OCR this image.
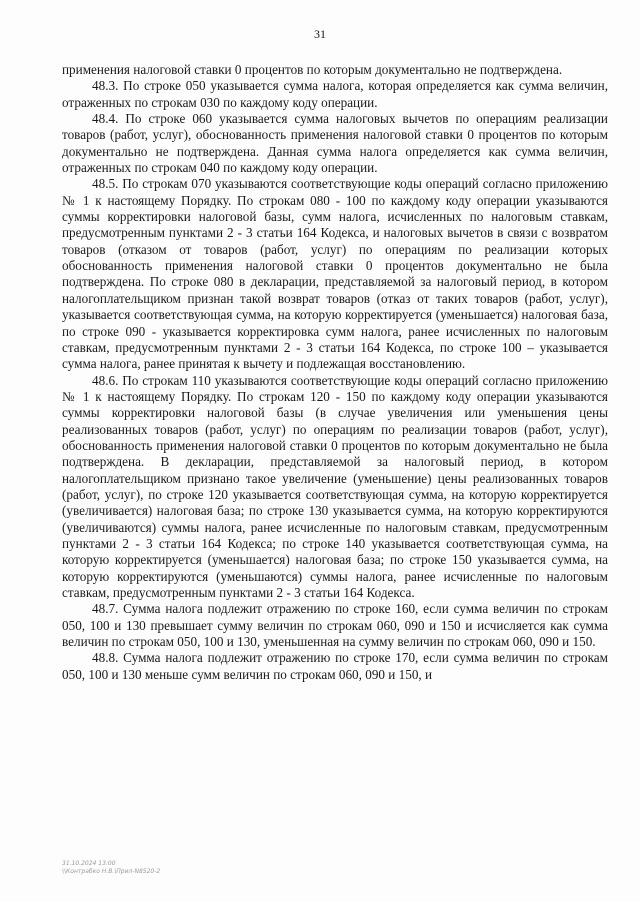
31

применения налоговой ставки 0 процентов по которым документально не подтверждена.

48.3. По строке 050 указывается сумма налога, которая определяется как сумма величин, отраженных по строкам 030 по каждому коду операции.

48.4. По строке 060 указывается сумма налоговых вычетов по операциям реализации товаров (работ, услуг), обоснованность применения налоговой ставки 0 процентов по которым документально не подтверждена. Данная сумма налога определяется как сумма величин, отраженных по строкам 040 по каждому коду операции.

48.5. По строкам 070 указываются соответствующие коды операций согласно приложению № 1 к настоящему Порядку. По строкам 080 - 100 по каждому коду операции указываются суммы корректировки налоговой базы, сумм налога, исчисленных по налоговым ставкам, предусмотренным пунктами 2 - 3 статьи 164 Кодекса, и налоговых вычетов в связи с возвратом товаров (отказом от товаров (работ, услуг) по операциям по реализации которых обоснованность применения налоговой ставки 0 процентов документально не была подтверждена. По строке 080 в декларации, представляемой за налоговый период, в котором налогоплательщиком признан такой возврат товаров (отказ от таких товаров (работ, услуг), указывается соответствующая сумма, на которую корректируется (уменьшается) налоговая база, по строке 090 - указывается корректировка сумм налога, ранее исчисленных по налоговым ставкам, предусмотренным пунктами 2 - 3 статьи 164 Кодекса, по строке 100 – указывается сумма налога, ранее принятая к вычету и подлежащая восстановлению.

48.6. По строкам 110 указываются соответствующие коды операций согласно приложению № 1 к настоящему Порядку. По строкам 120 - 150 по каждому коду операции указываются суммы корректировки налоговой базы (в случае увеличения или уменьшения цены реализованных товаров (работ, услуг) по операциям по реализации товаров (работ, услуг), обоснованность применения налоговой ставки 0 процентов по которым документально не была подтверждена. В декларации, представляемой за налоговый период, в котором налогоплательщиком признано такое увеличение (уменьшение) цены реализованных товаров (работ, услуг), по строке 120 указывается соответствующая сумма, на которую корректируется (увеличивается) налоговая база; по строке 130 указывается сумма, на которую корректируются (увеличиваются) суммы налога, ранее исчисленные по налоговым ставкам, предусмотренным пунктами 2 - 3 статьи 164 Кодекса; по строке 140 указывается соответствующая сумма, на которую корректируется (уменьшается) налоговая база; по строке 150 указывается сумма, на которую корректируются (уменьшаются) суммы налога, ранее исчисленные по налоговым ставкам, предусмотренным пунктами 2 - 3 статьи 164 Кодекса.

48.7. Сумма налога подлежит отражению по строке 160, если сумма величин по строкам 050, 100 и 130 превышает сумму величин по строкам 060, 090 и 150 и исчисляется как сумма величин по строкам 050, 100 и 130, уменьшенная на сумму величин по строкам 060, 090 и 150.

48.8. Сумма налога подлежит отражению по строке 170, если сумма величин по строкам 050, 100 и 130 меньше сумм величин по строкам 060, 090 и 150, и

31.10.2024 13:00
\\Контрабко Н.В.\Прил-N8520-2
